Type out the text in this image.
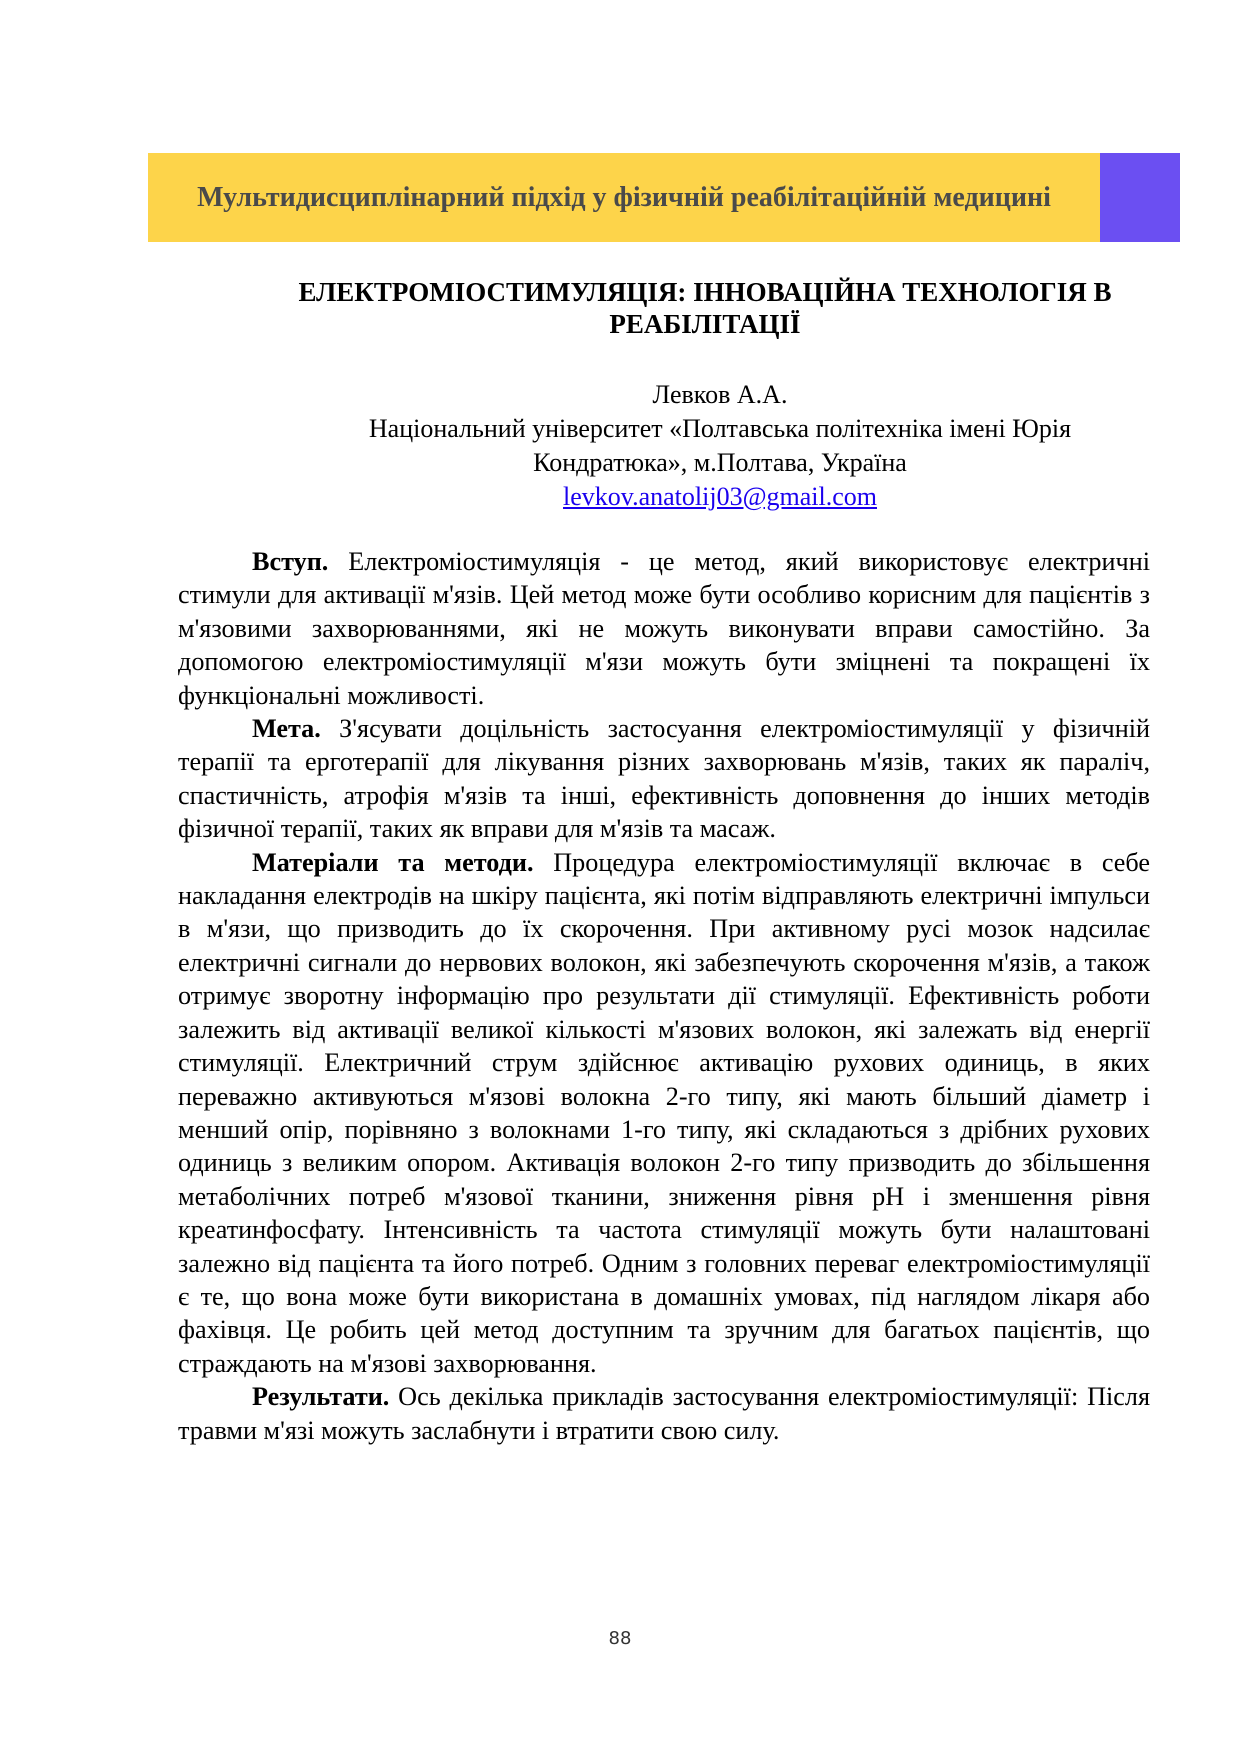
Мультидисциплінарний підхід у фізичній реабілітаційній медицині
ЕЛЕКТРОМІОСТИМУЛЯЦІЯ: ІННОВАЦІЙНА ТЕХНОЛОГІЯ В РЕАБІЛІТАЦІЇ
Левков А.А.
Національний університет «Полтавська політехніка імені Юрія
Кондратюка», м.Полтава, Україна
levkov.anatolij03@gmail.com

Вступ. Електроміостимуляція - це метод, який використовує електричні стимули для активації м'язів. Цей метод може бути особливо корисним для пацієнтів з м'язовими захворюваннями, які не можуть виконувати вправи самостійно. За допомогою електроміостимуляції м'язи можуть бути зміцнені та покращені їх функціональні можливості.

Мета. З'ясувати доцільність застосуання електроміостимуляції у фізичній терапії та ерготерапії для лікування різних захворювань м'язів, таких як параліч, спастичність, атрофія м'язів та інші, ефективність доповнення до інших методів фізичної терапії, таких як вправи для м'язів та масаж.

Матеріали та методи. Процедура електроміостимуляції включає в себе накладання електродів на шкіру пацієнта, які потім відправляють електричні імпульси в м'язи, що призводить до їх скорочення. При активному русі мозок надсилає електричні сигнали до нервових волокон, які забезпечують скорочення м'язів, а також отримує зворотну інформацію про результати дії стимуляції. Ефективність роботи залежить від активації великої кількості м'язових волокон, які залежать від енергії стимуляції. Електричний струм здійснює активацію рухових одиниць, в яких переважно активуються м'язові волокна 2-го типу, які мають більший діаметр і менший опір, порівняно з волокнами 1-го типу, які складаються з дрібних рухових одиниць з великим опором. Активація волокон 2-го типу призводить до збільшення метаболічних потреб м'язової тканини, зниження рівня pH і зменшення рівня креатинфосфату. Інтенсивність та частота стимуляції можуть бути налаштовані залежно від пацієнта та його потреб. Одним з головних переваг електроміостимуляції є те, що вона може бути використана в домашніх умовах, під наглядом лікаря або фахівця. Це робить цей метод доступним та зручним для багатьох пацієнтів, що страждають на м'язові захворювання.

Результати. Ось декілька прикладів застосування електроміостимуляції: Після травми м'язі можуть заслабнути і втратити свою силу.

88
